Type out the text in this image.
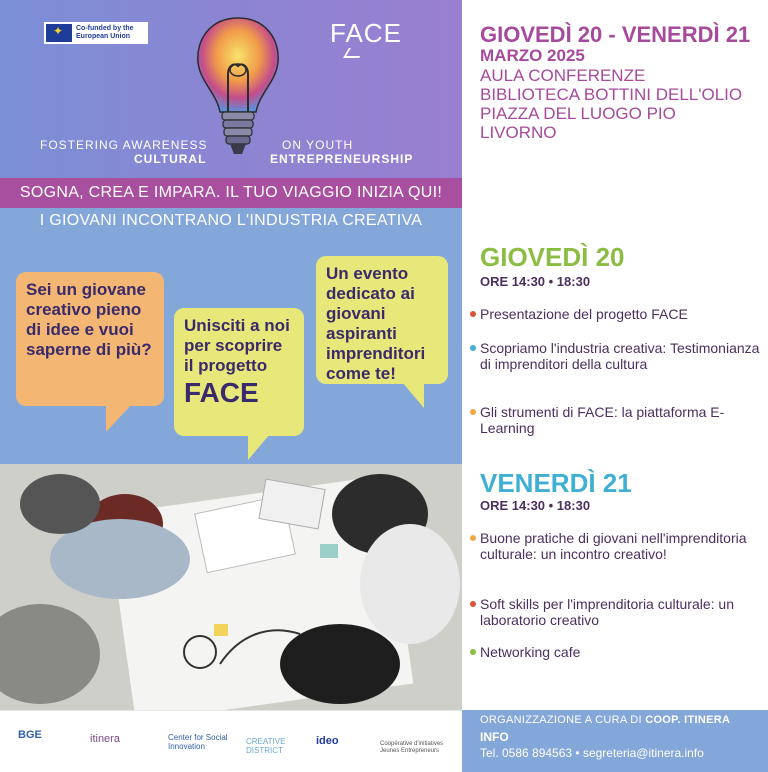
✦
Co-funded by the European Union	FACE
FOSTERING AWARENESS
CULTURAL
ON YOUTH
ENTREPRENEURSHIP
SOGNA, CREA E IMPARA. IL TUO VIAGGIO INIZIA QUI!
I GIOVANI INCONTRANO L'INDUSTRIA CREATIVA
Sei un giovane creativo pieno di idee e vuoi saperne di più?
Unisciti a noi per scoprire il progetto
FACE
Un evento dedicato ai giovani aspiranti imprenditori come te!
GIOVEDÌ 20 - VENERDÌ 21
MARZO 2025
AULA CONFERENZE
BIBLIOTECA BOTTINI DELL'OLIO
PIAZZA DEL LUOGO PIO
LIVORNO
GIOVEDÌ 20
ORE 14:30 • 18:30
Presentazione del progetto FACE
Scopriamo l'industria creativa: Testimonianza di imprenditori della cultura
Gli strumenti di FACE: la piattaforma E-Learning
VENERDÌ 21
ORE 14:30 • 18:30
Buone pratiche di giovani nell'imprenditoria culturale: un incontro creativo!
Soft skills per l'imprenditoria culturale: un laboratorio creativo
Networking cafe
BGE	itinera	Center for Social Innovation
CREATIVE DISTRICT
ideo	Coopérative d'initiatives Jeunes Entrepreneurs
ORGANIZZAZIONE A CURA DI COOP. ITINERA
INFO
Tel. 0586 894563 • segreteria@itinera.info
